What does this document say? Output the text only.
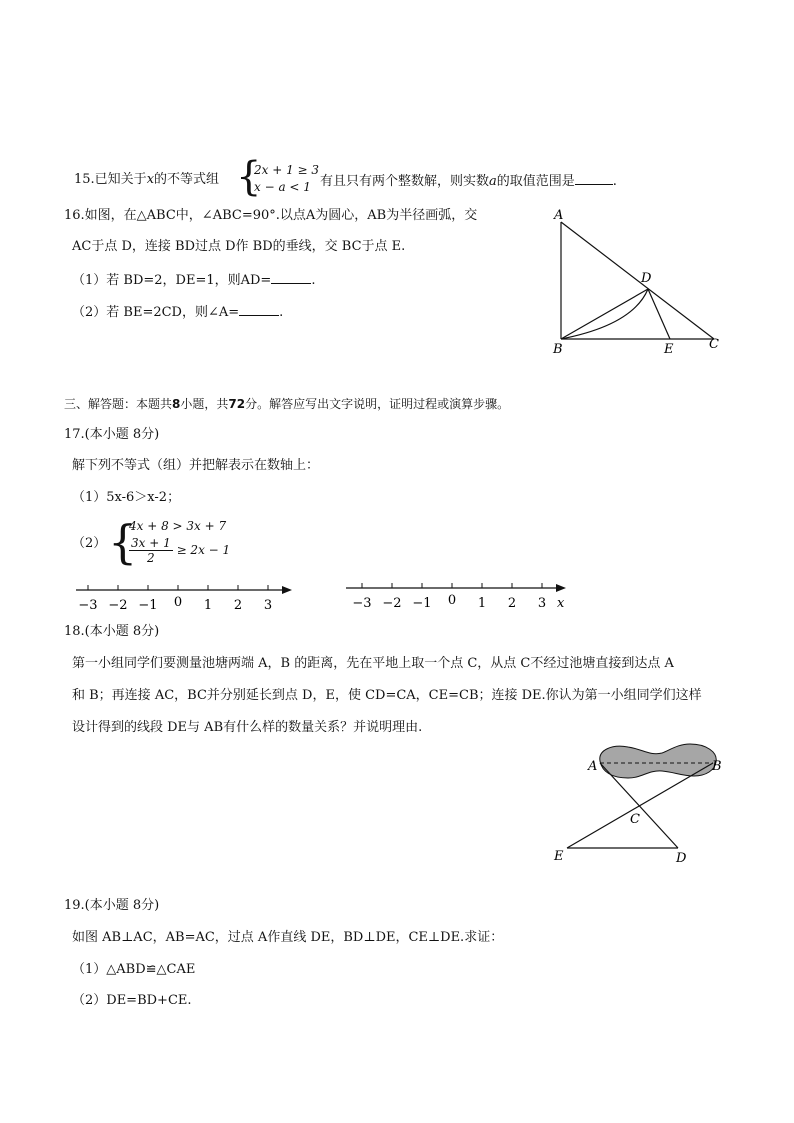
15.已知关于x的不等式组 {
2x + 1 ≥ 3
x − a < 1 有且只有两个整数解，则实数a的取值范围是	.
16.如图，在△ABC中，∠ABC=90°.以点A为圆心，AB为半径画弧，交
AC于点 D，连接 BD过点 D作 BD的垂线，交 BC于点 E.
（1）若 BD=2，DE=1，则AD=	.
（2）若 BE=2CD，则∠A=	.
A
B	C
D
E
三、解答题：本题共8小题，共72分。解答应写出文字说明，证明过程或演算步骤。
17.(本小题 8分)
解下列不等式（组）并把解表示在数轴上：
（1）5x-6＞x-2；
（2） {
4x + 8 > 3x + 7
$\frac{3x + 1}{2} \ge 2x - 1$
−3 −2 −1 0 1 2 3	−3 −2 −1 0 1 2 3 x
18.(本小题 8分)
第一小组同学们要测量池塘两端 A，B 的距离，先在平地上取一个点 C，从点 C不经过池塘直接到达点 A
和 B；再连接 AC，BC并分别延长到点 D，E，使 CD=CA，CE=CB；连接 DE.你认为第一小组同学们这样
设计得到的线段 DE与 AB有什么样的数量关系？并说明理由.
A	B
C
E	D
19.(本小题 8分)
如图 AB⊥AC，AB=AC，过点 A作直线 DE，BD⊥DE，CE⊥DE.求证：
（1）△ABD≌△CAE
（2）DE=BD+CE.
